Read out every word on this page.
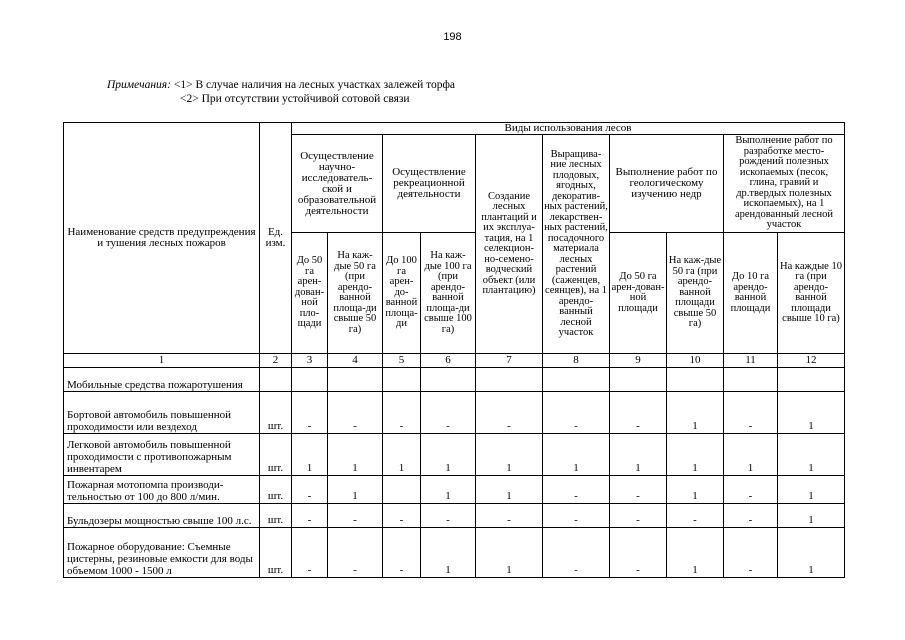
198
Примечания: <1> В случае наличия на лесных участках залежей торфа
<2> При отсутствии устойчивой сотовой связи
Наименование средств предупреждения и тушения лесных пожаров	Ед. изм.	Виды использования лесов									
		Осуществление научно-исследователь-ской и образовательной деятельности		Осуществление рекреационной деятельности		Создание лесных плантаций и их эксплуа-тация, на 1 селекцион-но-семено-водческий объект (или плантацию)	Выращива-ние лесных плодовых, ягодных, декоратив-ных растений, лекарствен-ных растений, посадочного материала лесных растений (саженцев, сеянцев), на 1 арендо-ванный лесной участок	Выполнение работ по геологическому изучению недр		Выполнение работ по разработке место-рождений полезных ископаемых (песок, глина, гравий и др.твердых полезных ископаемых), на 1 арендованный лесной участок	
		До 50 га арен-дован-ной пло-щади	На каж-дые 50 га (при арендо-ванной площа-ди свыше 50 га)	До 100 га арен-до-ванной площа-ди	На каж-дые 100 га (при арендо-ванной площа-ди свыше 100 га)			До 50 га арен-дован-ной площади	На каж-дые 50 га (при арендо-ванной площади свыше 50 га)	До 10 га арендо-ванной площади	На каждые 10 га (при арендо-ванной площади свыше 10 га)
1	2	3	4	5	6	7	8	9	10	11	12
Мобильные средства пожаротушения											
Бортовой автомобиль повышенной проходимости или вездеход	шт.	-	-	-	-	-	-	-	1	-	1
Легковой автомобиль повышенной проходимости с противопожарным инвентарем	шт.	1	1	1	1	1	1	1	1	1	1
Пожарная мотопомпа производи-тельностью от 100 до 800 л/мин.	шт.	-	1		1	1	-	-	1	-	1
Бульдозеры мощностью свыше 100 л.с.	шт.	-	-	-	-	-	-	-	-	-	1
Пожарное оборудование: Съемные цистерны, резиновые емкости для воды объемом 1000 - 1500 л	шт.	-	-	-	1	1	-	-	1	-	1
